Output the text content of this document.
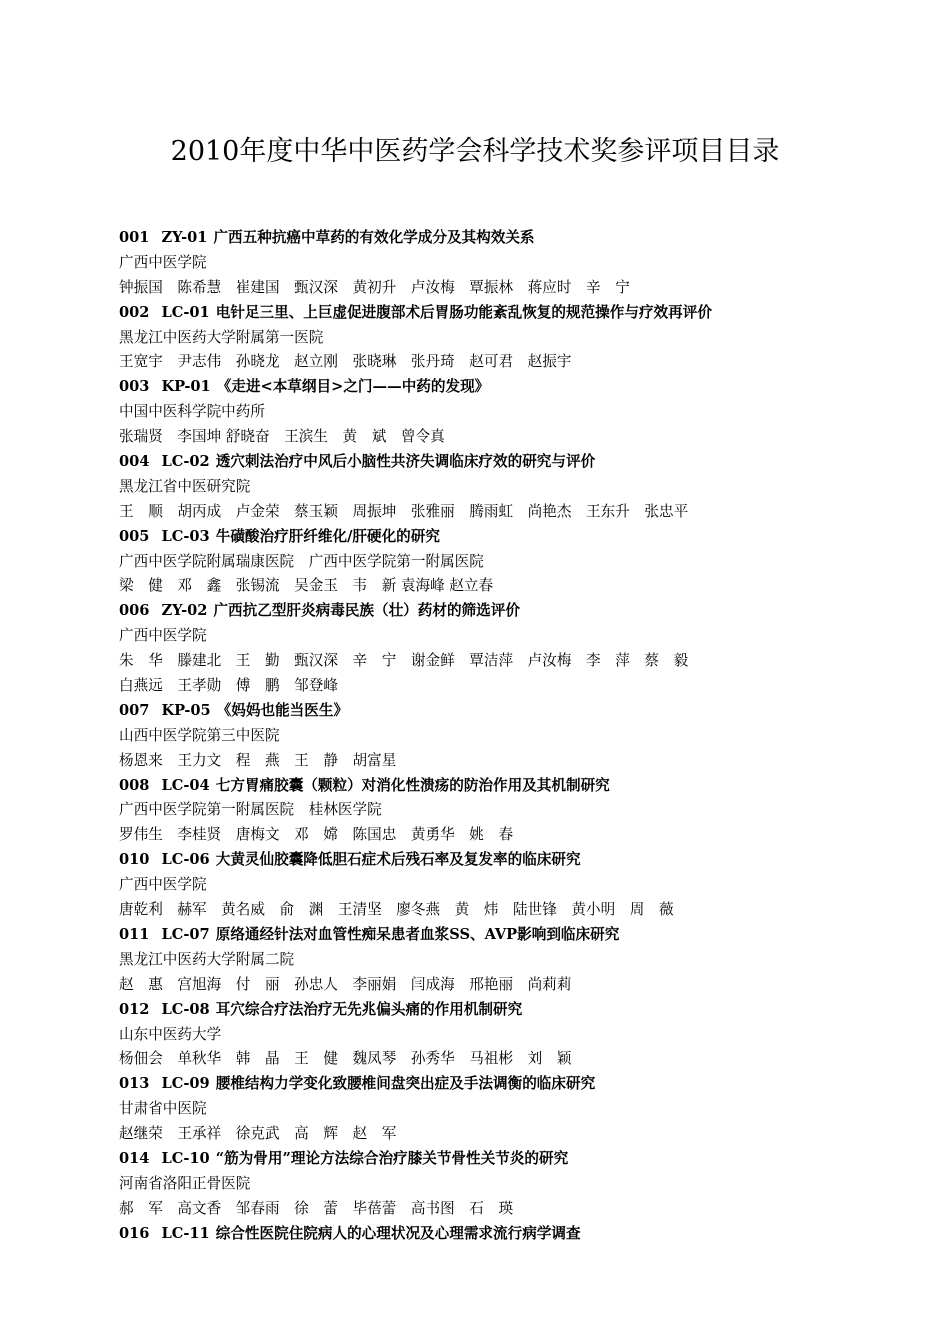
2010年度中华中医药学会科学技术奖参评项目目录
001 ZY-01 广西五种抗癌中草药的有效化学成分及其构效关系
广西中医学院
钟振国　陈希慧　崔建国　甄汉深　黄初升　卢汝梅　覃振林　蒋应时　辛　宁
002 LC-01 电针足三里、上巨虚促进腹部术后胃肠功能紊乱恢复的规范操作与疗效再评价
黑龙江中医药大学附属第一医院
王宽宇　尹志伟　孙晓龙　赵立刚　张晓琳　张丹琦　赵可君　赵振宇
003 KP-01 《走进<本草纲目>之门——中药的发现》
中国中医科学院中药所
张瑞贤　李国坤 舒晓奋　王滨生　黄　斌　曾令真
004 LC-02 透穴刺法治疗中风后小脑性共济失调临床疗效的研究与评价
黑龙江省中医研究院
王　顺　胡丙成　卢金荣　蔡玉颖　周振坤　张雅丽　腾雨虹　尚艳杰　王东升　张忠平
005 LC-03 牛磺酸治疗肝纤维化/肝硬化的研究
广西中医学院附属瑞康医院　广西中医学院第一附属医院
梁　健　邓　鑫　张锡流　吴金玉　韦　新 袁海峰 赵立春
006 ZY-02 广西抗乙型肝炎病毒民族（壮）药材的筛选评价
广西中医学院
朱　华　滕建北　王　勤　甄汉深　辛　宁　谢金鲜　覃洁萍　卢汝梅　李　萍　蔡　毅
白燕远　王孝勋　傅　鹏　邹登峰
007 KP-05 《妈妈也能当医生》
山西中医学院第三中医院
杨恩来　王力文　程　燕　王　静　胡富星
008 LC-04 七方胃痛胶囊（颗粒）对消化性溃疡的防治作用及其机制研究
广西中医学院第一附属医院　桂林医学院
罗伟生　李桂贤　唐梅文　邓　嫦　陈国忠　黄勇华　姚　春
010 LC-06 大黄灵仙胶囊降低胆石症术后残石率及复发率的临床研究
广西中医学院
唐乾利　赫军　黄名威　俞　渊　王清坚　廖冬燕　黄　炜　陆世锋　黄小明　周　薇
011 LC-07 原络通经针法对血管性痴呆患者血浆SS、AVP影响到临床研究
黑龙江中医药大学附属二院
赵　惠　宫旭海　付　丽　孙忠人　李丽娟　闫成海　邢艳丽　尚莉莉
012 LC-08 耳穴综合疗法治疗无先兆偏头痛的作用机制研究
山东中医药大学
杨佃会　单秋华　韩　晶　王　健　魏凤琴　孙秀华　马祖彬　刘　颖
013 LC-09 腰椎结构力学变化致腰椎间盘突出症及手法调衡的临床研究
甘肃省中医院
赵继荣　王承祥　徐克武　高　辉　赵　军
014 LC-10 “筋为骨用”理论方法综合治疗膝关节骨性关节炎的研究
河南省洛阳正骨医院
郝　军　高文香　邹春雨　徐　蕾　毕蓓蕾　高书图　石　瑛
016 LC-11 综合性医院住院病人的心理状况及心理需求流行病学调查
